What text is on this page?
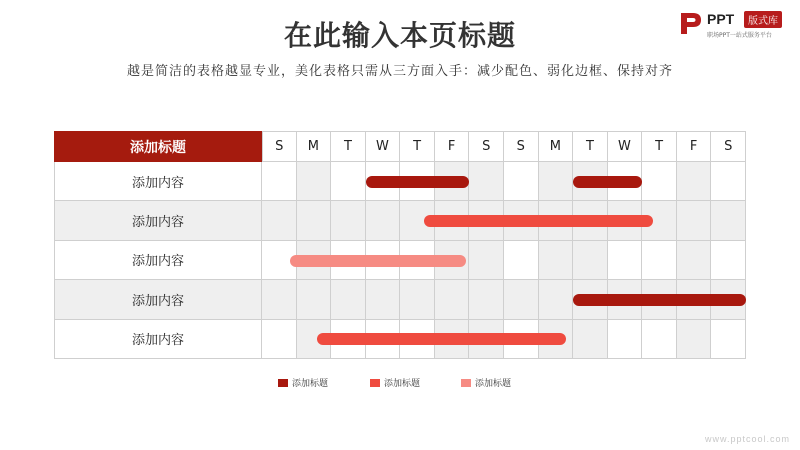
在此输入本页标题
越是简洁的表格越显专业，美化表格只需从三方面入手：减少配色、弱化边框、保持对齐
PPT	版式库
职场PPT一站式服务平台
添加标题	S	M	T	W	T	F	S	S	M	T	W	T	F	S
添加内容
添加内容
添加内容
添加内容
添加内容
添加标题	添加标题	添加标题
www.pptcool.com
